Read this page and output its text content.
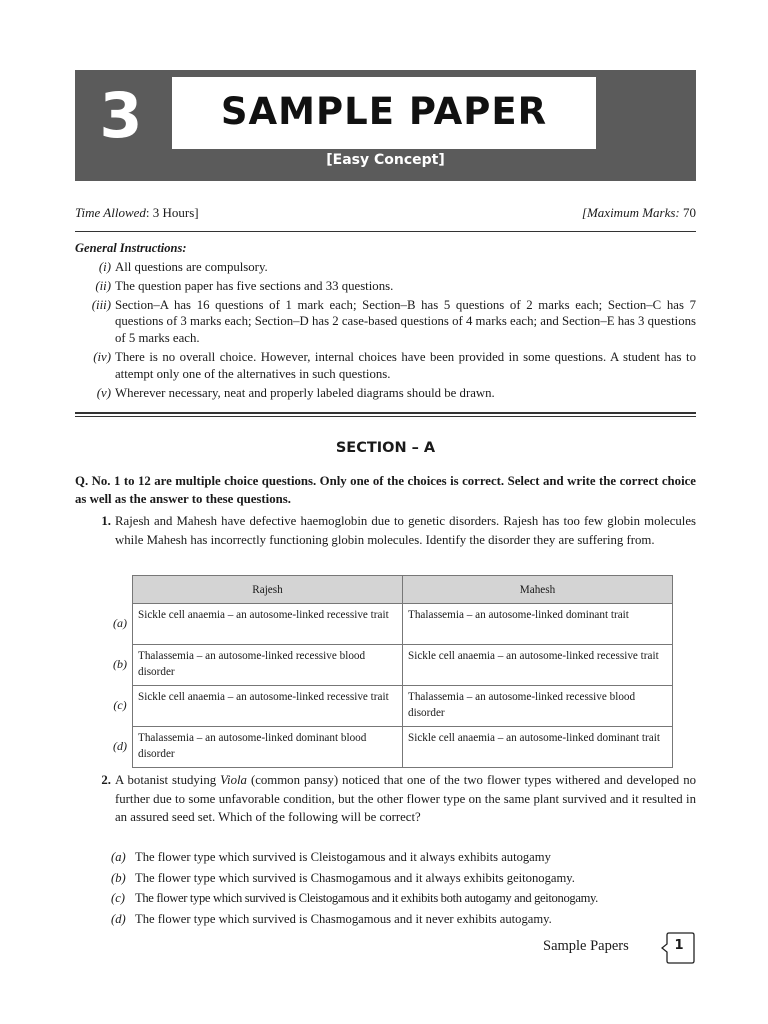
3	SAMPLE PAPER
[Easy Concept]
Time Allowed: 3 Hours]	[Maximum Marks: 70
General Instructions:
(i) All questions are compulsory.
(ii) The question paper has five sections and 33 questions.
(iii) Section–A has 16 questions of 1 mark each; Section–B has 5 questions of 2 marks each; Section–C has 7 questions of 3 marks each; Section–D has 2 case-based questions of 4 marks each; and Section–E has 3 questions of 5 marks each.
(iv) There is no overall choice. However, internal choices have been provided in some questions. A student has to attempt only one of the alternatives in such questions.
(v) Wherever necessary, neat and properly labeled diagrams should be drawn.
SECTION – A
Q. No. 1 to 12 are multiple choice questions. Only one of the choices is correct. Select and write the correct choice as well as the answer to these questions.
1. Rajesh and Mahesh have defective haemoglobin due to genetic disorders. Rajesh has too few globin molecules while Mahesh has incorrectly functioning globin molecules. Identify the disorder they are suffering from.
	Rajesh	Mahesh
(a)	Sickle cell anaemia – an autosome-linked recessive trait	Thalassemia – an autosome-linked dominant trait
(b)	Thalassemia – an autosome-linked recessive blood disorder	Sickle cell anaemia – an autosome-linked recessive trait
(c)	Sickle cell anaemia – an autosome-linked recessive trait	Thalassemia – an autosome-linked recessive blood disorder
(d)	Thalassemia – an autosome-linked dominant blood disorder	Sickle cell anaemia – an autosome-linked dominant trait
2. A botanist studying Viola (common pansy) noticed that one of the two flower types withered and developed no further due to some unfavorable condition, but the other flower type on the same plant survived and it resulted in an assured seed set. Which of the following will be correct?
(a) The flower type which survived is Cleistogamous and it always exhibits autogamy
(b) The flower type which survived is Chasmogamous and it always exhibits geitonogamy.
(c) The flower type which survived is Cleistogamous and it exhibits both autogamy and geitonogamy.
(d) The flower type which survived is Chasmogamous and it never exhibits autogamy.
Sample Papers	1
